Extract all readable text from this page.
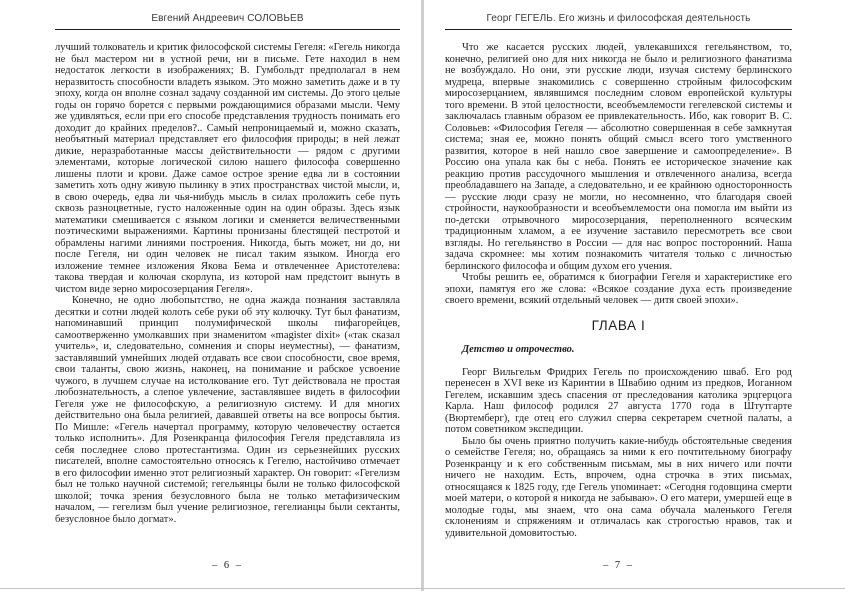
Евгений Андреевич СОЛОВЬЕВ

лучший толкователь и критик философской системы Гегеля: «Гегель никогда не был мастером ни в устной речи, ни в письме. Гете находил в нем недостаток легкости в изображениях; В. Гумбольдт предполагал в нем неразвитость способности владеть языком. Это можно заметить даже и в ту эпоху, когда он вполне сознал задачу созданной им системы. До этого целые годы он горячо борется с первыми рождающимися образами мысли. Чему же удивляться, если при его способе представления трудность понимать его доходит до крайних пределов?.. Самый непроницаемый и, можно сказать, необъятный материал представляет его философия природы; в ней лежат дикие, неразработанные массы действительности — рядом с другими элементами, которые логической силою нашего философа совершенно лишены плоти и крови. Даже самое острое зрение едва ли в состоянии заметить хоть одну живую пылинку в этих пространствах чистой мысли, и, в свою очередь, едва ли чья-нибудь мысль в силах проложить себе путь сквозь разноцветные, густо наложенные один на один образы. Здесь язык математики смешивается с языком логики и сменяется величественными поэтическими выражениями. Картины пронизаны блестящей пестротой и обрамлены нагими линиями построения. Никогда, быть может, ни до, ни после Гегеля, ни один человек не писал таким языком. Иногда его изложение темнее изложения Якова Бема и отвлеченнее Аристотелева: такова твердая и колючая скорлупа, из которой нам предстоит вынуть в чистом виде зерно миросозерцания Гегеля».

Конечно, не одно любопытство, не одна жажда познания заставляла десятки и сотни людей колоть себе руки об эту колючку. Тут был фанатизм, напоминавший принцип полумифической школы пифагорейцев, самоотверженно умолкавших при знаменитом «magister dixit» («так сказал учитель», и, следовательно, сомнения и споры неуместны), — фанатизм, заставлявший умнейших людей отдавать все свои способности, свое время, свои таланты, свою жизнь, наконец, на понимание и рабское усвоение чужого, в лучшем случае на истолкование его. Тут действовала не простая любознательность, а слепое увлечение, заставлявшее видеть в философии Гегеля уже не философскую, а религиозную систему. И для многих действительно она была религией, дававшей ответы на все вопросы бытия. По Мишле: «Гегель начертал программу, которую человечеству остается только исполнить». Для Розенкранца философия Гегеля представляла из себя последнее слово протестантизма. Один из серьезнейших русских писателей, вполне самостоятельно относясь к Гегелю, настойчиво отмечает в его философии именно этот религиозный характер. Он говорит: «Гегелизм был не только научной системой; гегельянцы были не только философской школой; точка зрения безусловного была не только метафизическим началом, — гегелизм был учение религиозное, гегелианцы были сектанты, безусловное было догмат».

– 6 –
Георг ГЕГЕЛЬ. Его жизнь и философская деятельность

Что же касается русских людей, увлекавшихся гегельянством, то, конечно, религией оно для них никогда не было и религиозного фанатизма не возбуждало. Но они, эти русские люди, изучая систему берлинского мудреца, впервые знакомились с совершенно стройным философским миросозерцанием, являвшимся последним словом европейской культуры того времени. В этой целостности, всеобъемлемости гегелевской системы и заключалась главным образом ее привлекательность. Ибо, как говорит В. С. Соловьев: «Философия Гегеля — абсолютно совершенная в себе замкнутая система; зная ее, можно понять общий смысл всего того умственного развития, которое в ней нашло свое завершение и самоопределение». В Россию она упала как бы с неба. Понять ее историческое значение как реакцию против рассудочного мышления и отвлеченного анализа, всегда преобладавшего на Западе, а следовательно, и ее крайнюю односторонность — русские люди сразу не могли, но несомненно, что благодаря своей стройности, наукообразности и всеобъемлемости она помогла им выйти из по-детски отрывочного миросозерцания, переполненного всяческим традиционным хламом, а ее изучение заставило пересмотреть все свои взгляды. Но гегельянство в России — для нас вопрос посторонний. Наша задача скромнее: мы хотим познакомить читателя только с личностью берлинского философа и общим духом его учения.

Чтобы решить ее, обратимся к биографии Гегеля и характеристике его эпохи, памятуя его же слова: «Всякое создание духа есть произведение своего времени, всякий отдельный человек — дитя своей эпохи».

ГЛАВА I

Детство и отрочество.

Георг Вильгельм Фридрих Гегель по происхождению шваб. Его род перенесен в XVI веке из Каринтии в Швабию одним из предков, Иоганном Гегелем, искавшим здесь спасения от преследования католика эрцгерцога Карла. Наш философ родился 27 августа 1770 года в Штутгарте (Вюртемберг), где отец его служил сперва секретарем счетной палаты, а потом советником экспедиции.

Было бы очень приятно получить какие-нибудь обстоятельные сведения о семействе Гегеля; но, обращаясь за ними к его почтительному биографу Розенкранцу и к его собственным письмам, мы в них ничего или почти ничего не находим. Есть, впрочем, одна строчка в этих письмах, относящаяся к 1825 году, где Гегель упоминает: «Сегодня годовщина смерти моей матери, о которой я никогда не забываю». О его матери, умершей еще в молодые годы, мы знаем, что она сама обучала маленького Гегеля склонениям и спряжениям и отличалась как строгостью нравов, так и удивительной домовитостью.

– 7 –
